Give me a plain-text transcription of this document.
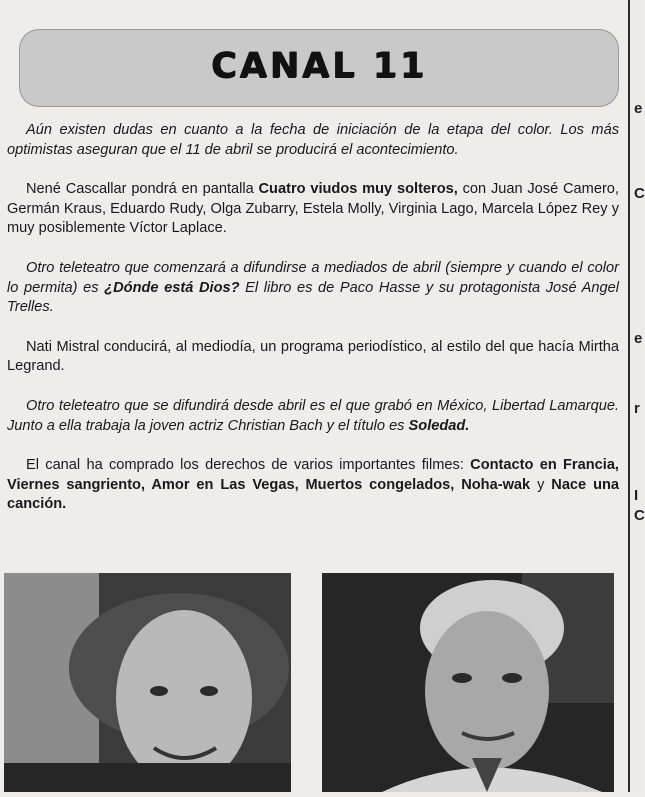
CANAL 11

Aún existen dudas en cuanto a la fecha de iniciación de la etapa del color. Los más optimistas aseguran que el 11 de abril se producirá el acontecimiento.

Nené Cascallar pondrá en pantalla Cuatro viudos muy solteros, con Juan José Camero, Germán Kraus, Eduardo Rudy, Olga Zubarry, Estela Molly, Virginia Lago, Marcela López Rey y muy posiblemente Víctor Laplace.

Otro teleteatro que comenzará a difundirse a mediados de abril (siempre y cuando el color lo permita) es ¿Dónde está Dios? El libro es de Paco Hasse y su protagonista José Angel Trelles.

Nati Mistral conducirá, al mediodía, un programa periodístico, al estilo del que hacía Mirtha Legrand.

Otro teleteatro que se difundirá desde abril es el que grabó en México, Libertad Lamarque. Junto a ella trabaja la joven actriz Christian Bach y el título es Soledad.

El canal ha comprado los derechos de varios importantes filmes: Contacto en Francia, Viernes sangriento, Amor en Las Vegas, Muertos congelados, Noha-wak y Nace una canción.

e
C
e
r
I
C
